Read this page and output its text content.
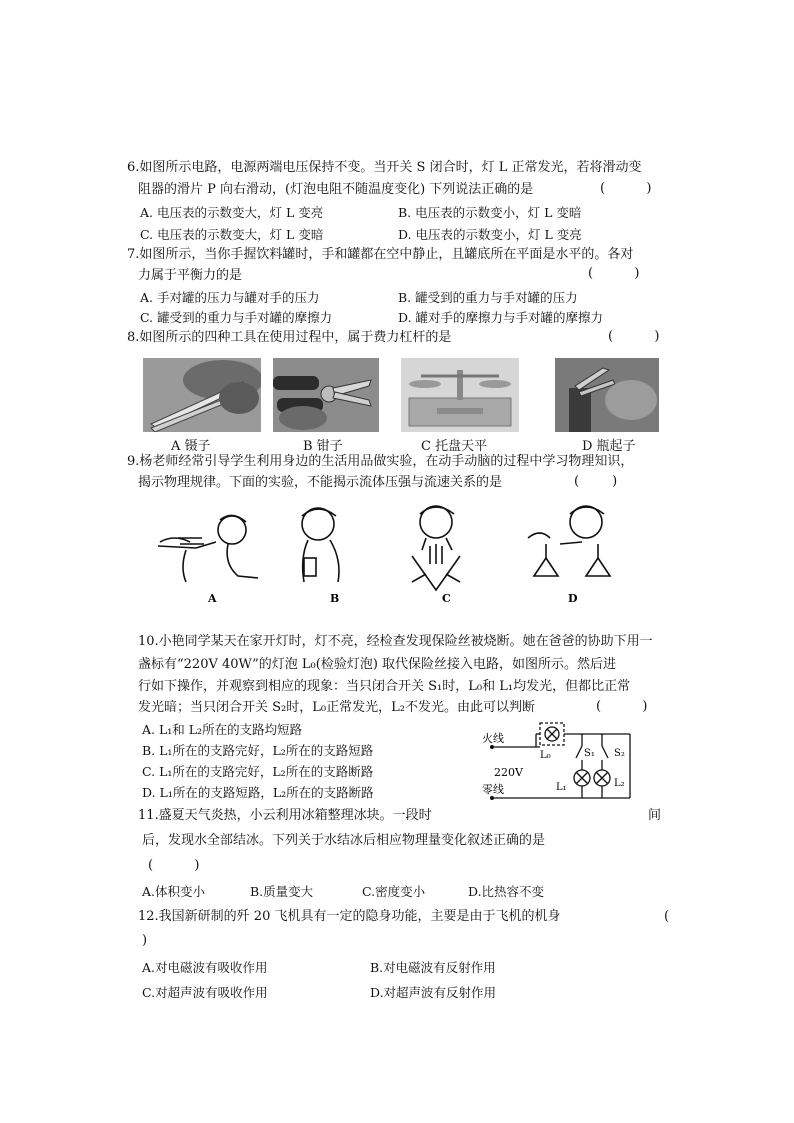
6.如图所示电路，电源两端电压保持不变。当开关 S 闭合时，灯 L 正常发光，若将滑动变
阻器的滑片 P 向右滑动，(灯泡电阻不随温度变化) 下列说法正确的是	(          )
A. 电压表的示数变大，灯 L 变亮	B. 电压表的示数变小，灯 L 变暗
C. 电压表的示数变大，灯 L 变暗	D. 电压表的示数变小，灯 L 变亮
7.如图所示，当你手握饮料罐时，手和罐都在空中静止，且罐底所在平面是水平的。各对
力属于平衡力的是	(          )
A. 手对罐的压力与罐对手的压力	B. 罐受到的重力与手对罐的压力
C. 罐受到的重力与手对罐的摩擦力	D. 罐对手的摩擦力与手对罐的摩擦力
8.如图所示的四种工具在使用过程中，属于费力杠杆的是	(          )
A 镊子	B 钳子	C 托盘天平	D 瓶起子
9.杨老师经常引导学生利用身边的生活用品做实验，在动手动脑的过程中学习物理知识，
揭示物理规律。下面的实验，不能揭示流体压强与流速关系的是	(        )
A	B	C	D
10.小艳同学某天在家开灯时，灯不亮，经检查发现保险丝被烧断。她在爸爸的协助下用一
盏标有“220V 40W”的灯泡 L₀(检验灯泡) 取代保险丝接入电路，如图所示。然后进
行如下操作，并观察到相应的现象：当只闭合开关 S₁时，L₀和 L₁均发光，但都比正常
发光暗；当只闭合开关 S₂时，L₀正常发光，L₂不发光。由此可以判断	(          )
A. L₁和 L₂所在的支路均短路
B. L₁所在的支路完好，L₂所在的支路短路
C. L₁所在的支路完好，L₂所在的支路断路
D. L₁所在的支路短路，L₂所在的支路断路
火线
零线
220V
L₀	S₁ S₂
L₁	L₂
11.盛夏天气炎热，小云利用冰箱整理冰块。一段时	间
后，发现水全部结冰。下列关于水结冰后相应物理量变化叙述正确的是
(          )
A.体积变小	B.质量变大	C.密度变小	D.比热容不变
12.我国新研制的歼 20 飞机具有一定的隐身功能，主要是由于飞机的机身	(
)
A.对电磁波有吸收作用	B.对电磁波有反射作用
C.对超声波有吸收作用	D.对超声波有反射作用
